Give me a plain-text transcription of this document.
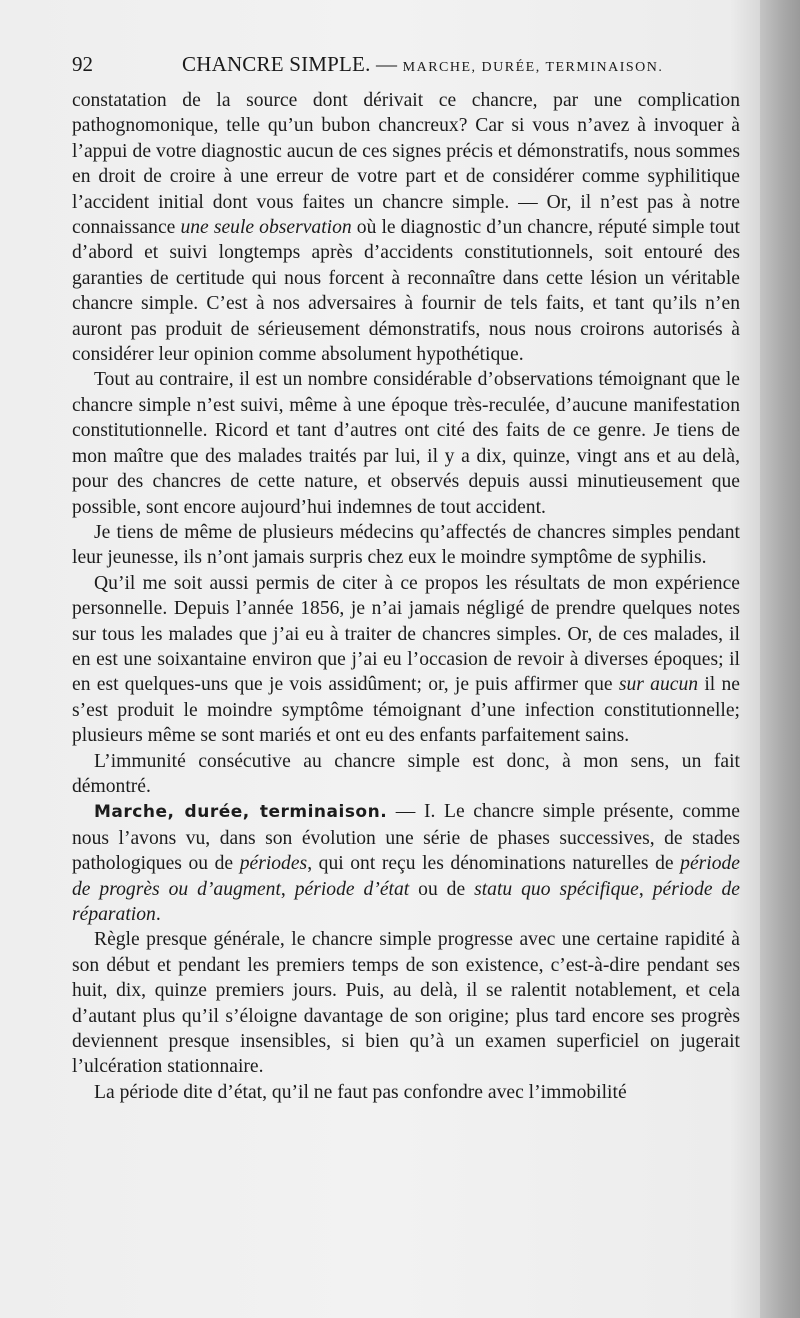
92	CHANCRE SIMPLE. — MARCHE, DURÉE, TERMINAISON.

constatation de la source dont dérivait ce chancre, par une complication pathognomonique, telle qu’un bubon chancreux? Car si vous n’avez à invoquer à l’appui de votre diagnostic aucun de ces signes précis et démonstratifs, nous sommes en droit de croire à une erreur de votre part et de considérer comme syphilitique l’accident initial dont vous faites un chancre simple. — Or, il n’est pas à notre connaissance une seule observation où le diagnostic d’un chancre, réputé simple tout d’abord et suivi longtemps après d’accidents constitutionnels, soit entouré des garanties de certitude qui nous forcent à reconnaître dans cette lésion un véritable chancre simple. C’est à nos adversaires à fournir de tels faits, et tant qu’ils n’en auront pas produit de sérieusement démonstratifs, nous nous croirons autorisés à considérer leur opinion comme absolument hypothétique.

Tout au contraire, il est un nombre considérable d’observations témoignant que le chancre simple n’est suivi, même à une époque très-reculée, d’aucune manifestation constitutionnelle. Ricord et tant d’autres ont cité des faits de ce genre. Je tiens de mon maître que des malades traités par lui, il y a dix, quinze, vingt ans et au delà, pour des chancres de cette nature, et observés depuis aussi minutieusement que possible, sont encore aujourd’hui indemnes de tout accident.

Je tiens de même de plusieurs médecins qu’affectés de chancres simples pendant leur jeunesse, ils n’ont jamais surpris chez eux le moindre symptôme de syphilis.

Qu’il me soit aussi permis de citer à ce propos les résultats de mon expérience personnelle. Depuis l’année 1856, je n’ai jamais négligé de prendre quelques notes sur tous les malades que j’ai eu à traiter de chancres simples. Or, de ces malades, il en est une soixantaine environ que j’ai eu l’occasion de revoir à diverses époques; il en est quelques-uns que je vois assidûment; or, je puis affirmer que sur aucun il ne s’est produit le moindre symptôme témoignant d’une infection constitutionnelle; plusieurs même se sont mariés et ont eu des enfants parfaitement sains.

L’immunité consécutive au chancre simple est donc, à mon sens, un fait démontré.

Marche, durée, terminaison. — I. Le chancre simple présente, comme nous l’avons vu, dans son évolution une série de phases successives, de stades pathologiques ou de périodes, qui ont reçu les dénominations naturelles de période de progrès ou d’augment, période d’état ou de statu quo spécifique, période de réparation.

Règle presque générale, le chancre simple progresse avec une certaine rapidité à son début et pendant les premiers temps de son existence, c’est-à-dire pendant ses huit, dix, quinze premiers jours. Puis, au delà, il se ralentit notablement, et cela d’autant plus qu’il s’éloigne davantage de son origine; plus tard encore ses progrès deviennent presque insensibles, si bien qu’à un examen superficiel on jugerait l’ulcération stationnaire.

La période dite d’état, qu’il ne faut pas confondre avec l’immobilité
